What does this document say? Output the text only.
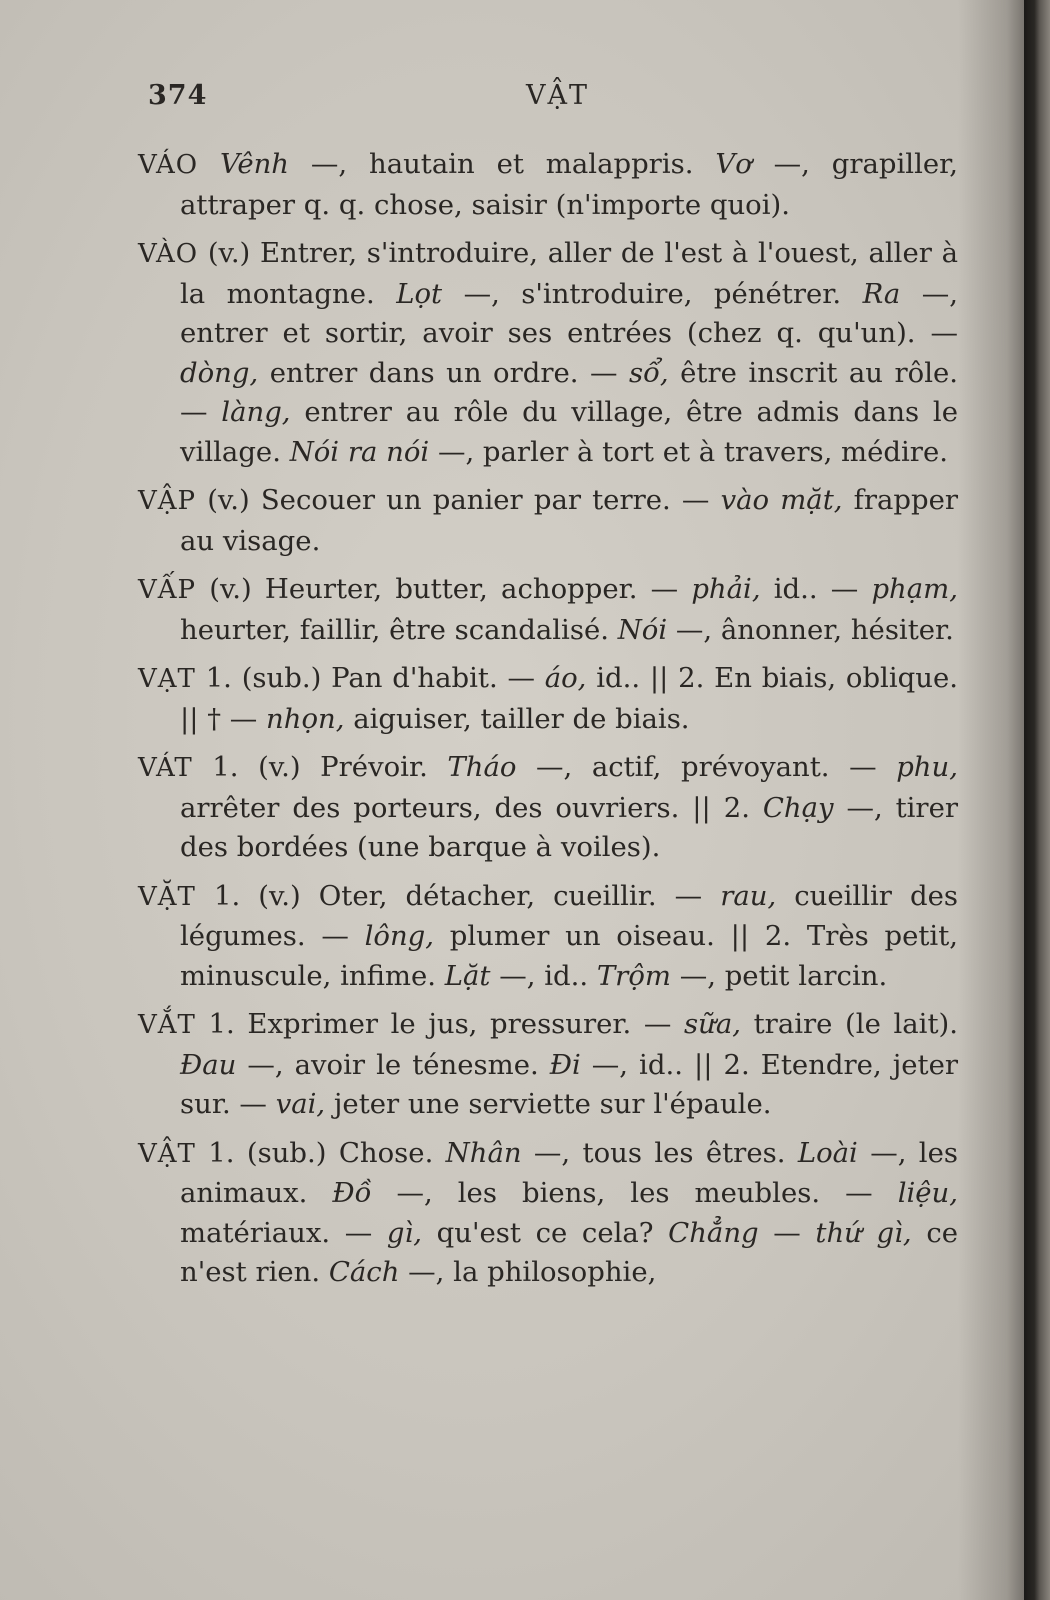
374	VẬT

VÁO Vênh —, hautain et malappris. Vơ —, grapiller, attraper q. q. chose, saisir (n'importe quoi).

VÀO (v.) Entrer, s'introduire, aller de l'est à l'ouest, aller à la montagne. Lọt —, s'introduire, pénétrer. Ra —, entrer et sortir, avoir ses entrées (chez q. qu'un). — dòng, entrer dans un ordre. — sổ, être inscrit au rôle. — làng, entrer au rôle du village, être admis dans le village. Nói ra nói —, parler à tort et à travers, médire.

VẬP (v.) Secouer un panier par terre. — vào mặt, frapper au visage.

VẤP (v.) Heurter, butter, achopper. — phải, id.. — phạm, heurter, faillir, être scandalisé. Nói —, ânonner, hésiter.

VẠT 1. (sub.) Pan d'habit. — áo, id.. || 2. En biais, oblique. || † — nhọn, aiguiser, tailler de biais.

VÁT 1. (v.) Prévoir. Tháo —, actif, prévoyant. — phu, arrêter des porteurs, des ouvriers. || 2. Chạy —, tirer des bordées (une barque à voiles).

VẶT 1. (v.) Oter, détacher, cueillir. — rau, cueillir des légumes. — lông, plumer un oiseau. || 2. Très petit, minuscule, infime. Lặt —, id.. Trộm —, petit larcin.

VẮT 1. Exprimer le jus, pressurer. — sữa, traire (le lait). Đau —, avoir le ténesme. Đi —, id.. || 2. Etendre, jeter sur. — vai, jeter une serviette sur l'épaule.

VẬT 1. (sub.) Chose. Nhân —, tous les êtres. Loài —, les animaux. Đồ —, les biens, les meubles. — liệu, matériaux. — gì, qu'est ce cela? Chẳng — thứ gì, ce n'est rien. Cách —, la philosophie,
